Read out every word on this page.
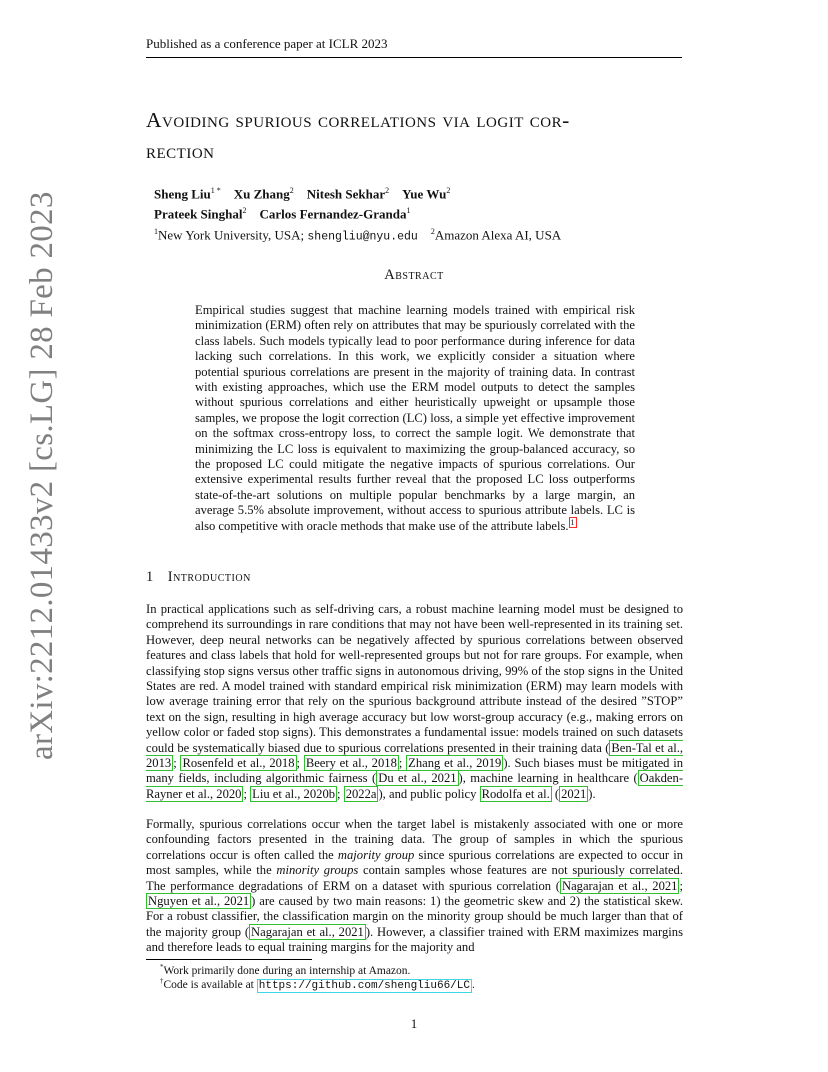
Published as a conference paper at ICLR 2023
Avoiding spurious correlations via logit cor-
rection
Sheng Liu$^{1 *}$ Xu Zhang$^2$ Nitesh Sekhar$^2$ Yue Wu$^2$
Prateek Singhal$^2$ Carlos Fernandez-Granda$^1$
$^1$New York University, USA; shengliu@nyu.edu $^2$Amazon Alexa AI, USA
Abstract
Empirical studies suggest that machine learning models trained with empirical risk minimization (ERM) often rely on attributes that may be spuriously correlated with the class labels. Such models typically lead to poor performance during inference for data lacking such correlations. In this work, we explicitly consider a situation where potential spurious correlations are present in the majority of training data. In contrast with existing approaches, which use the ERM model outputs to detect the samples without spurious correlations and either heuristically upweight or upsample those samples, we propose the logit correction (LC) loss, a simple yet effective improvement on the softmax cross-entropy loss, to correct the sample logit. We demonstrate that minimizing the LC loss is equivalent to maximizing the group-balanced accuracy, so the proposed LC could mitigate the negative impacts of spurious correlations. Our extensive experimental results further reveal that the proposed LC loss outperforms state-of-the-art solutions on multiple popular benchmarks by a large margin, an average 5.5% absolute improvement, without access to spurious attribute labels. LC is also competitive with oracle methods that make use of the attribute labels. $^1$
1 Introduction
In practical applications such as self-driving cars, a robust machine learning model must be designed to comprehend its surroundings in rare conditions that may not have been well-represented in its training set. However, deep neural networks can be negatively affected by spurious correlations between observed features and class labels that hold for well-represented groups but not for rare groups. For example, when classifying stop signs versus other traffic signs in autonomous driving, 99% of the stop signs in the United States are red. A model trained with standard empirical risk minimization (ERM) may learn models with low average training error that rely on the spurious background attribute instead of the desired ”STOP” text on the sign, resulting in high average accuracy but low worst-group accuracy (e.g., making errors on yellow color or faded stop signs). This demonstrates a fundamental issue: models trained on such datasets could be systematically biased due to spurious correlations presented in their training data ( Ben-Tal et al., 2013 ; Rosenfeld et al., 2018 ; Beery et al., 2018 ; Zhang et al., 2019 ). Such biases must be mitigated in many fields, including algorithmic fairness ( Du et al., 2021 ), machine learning in healthcare ( Oakden-Rayner et al., 2020 ; Liu et al., 2020b ; 2022a ), and public policy Rodolfa et al. ( 2021 ).
Formally, spurious correlations occur when the target label is mistakenly associated with one or more confounding factors presented in the training data. The group of samples in which the spurious correlations occur is often called the majority group since spurious correlations are expected to occur in most samples, while the minority groups contain samples whose features are not spuriously correlated. The performance degradations of ERM on a dataset with spurious correlation ( Nagarajan et al., 2021 ; Nguyen et al., 2021 ) are caused by two main reasons: 1) the geometric skew and 2) the statistical skew. For a robust classifier, the classification margin on the minority group should be much larger than that of the majority group ( Nagarajan et al., 2021 ). However, a classifier trained with ERM maximizes margins and therefore leads to equal training margins for the majority and
*Work primarily done during an internship at Amazon.
†Code is available at https://github.com/shengliu66/LC .
1
arXiv:2212.01433v2 [cs.LG] 28 Feb 2023
